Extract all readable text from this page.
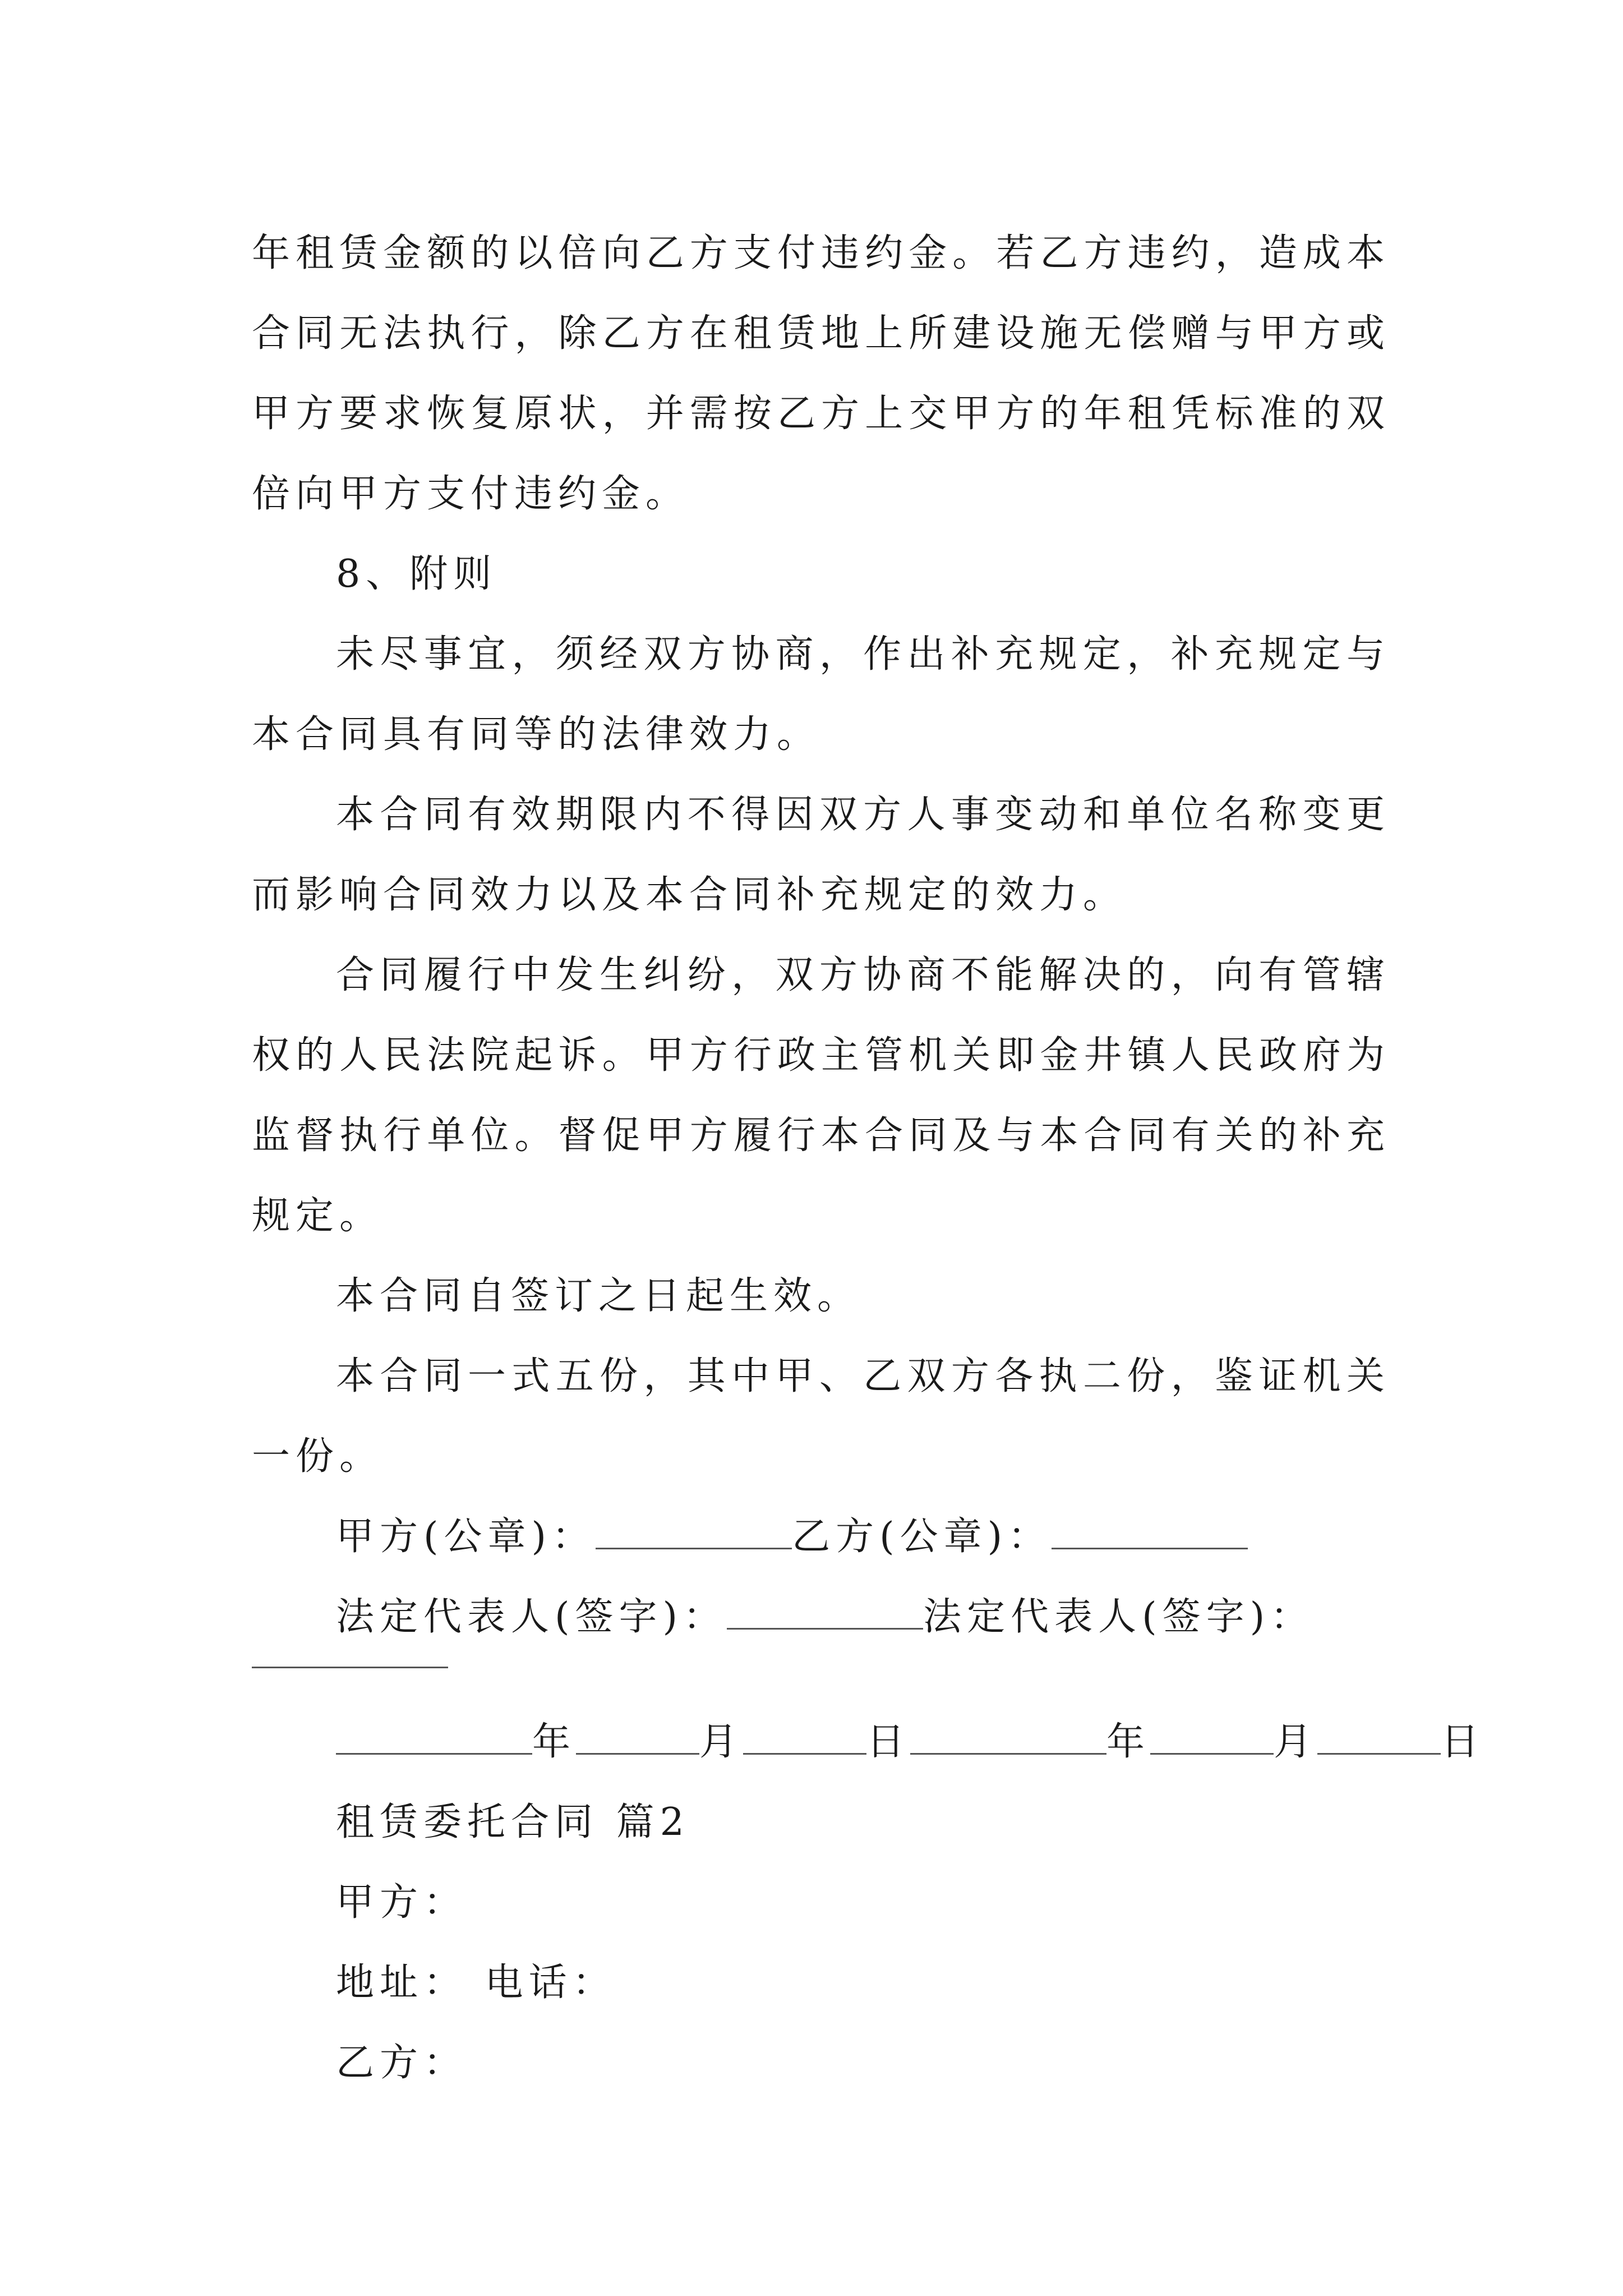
年租赁金额的以倍向乙方支付违约金。若乙方违约，造成本合同无法执行，除乙方在租赁地上所建设施无偿赠与甲方或甲方要求恢复原状，并需按乙方上交甲方的年租凭标准的双倍向甲方支付违约金。

8、附则

未尽事宜，须经双方协商，作出补充规定，补充规定与本合同具有同等的法律效力。

本合同有效期限内不得因双方人事变动和单位名称变更而影响合同效力以及本合同补充规定的效力。

合同履行中发生纠纷，双方协商不能解决的，向有管辖权的人民法院起诉。甲方行政主管机关即金井镇人民政府为监督执行单位。督促甲方履行本合同及与本合同有关的补充规定。

本合同自签订之日起生效。

本合同一式五份，其中甲、乙双方各执二份，鉴证机关一份。

甲方(公章)：	乙方(公章)：
法定代表人(签字)：	法定代表人(签字)：
年	月	日	年	月	日

租赁委托合同 篇2

甲方：

地址： 电话：

乙方：
